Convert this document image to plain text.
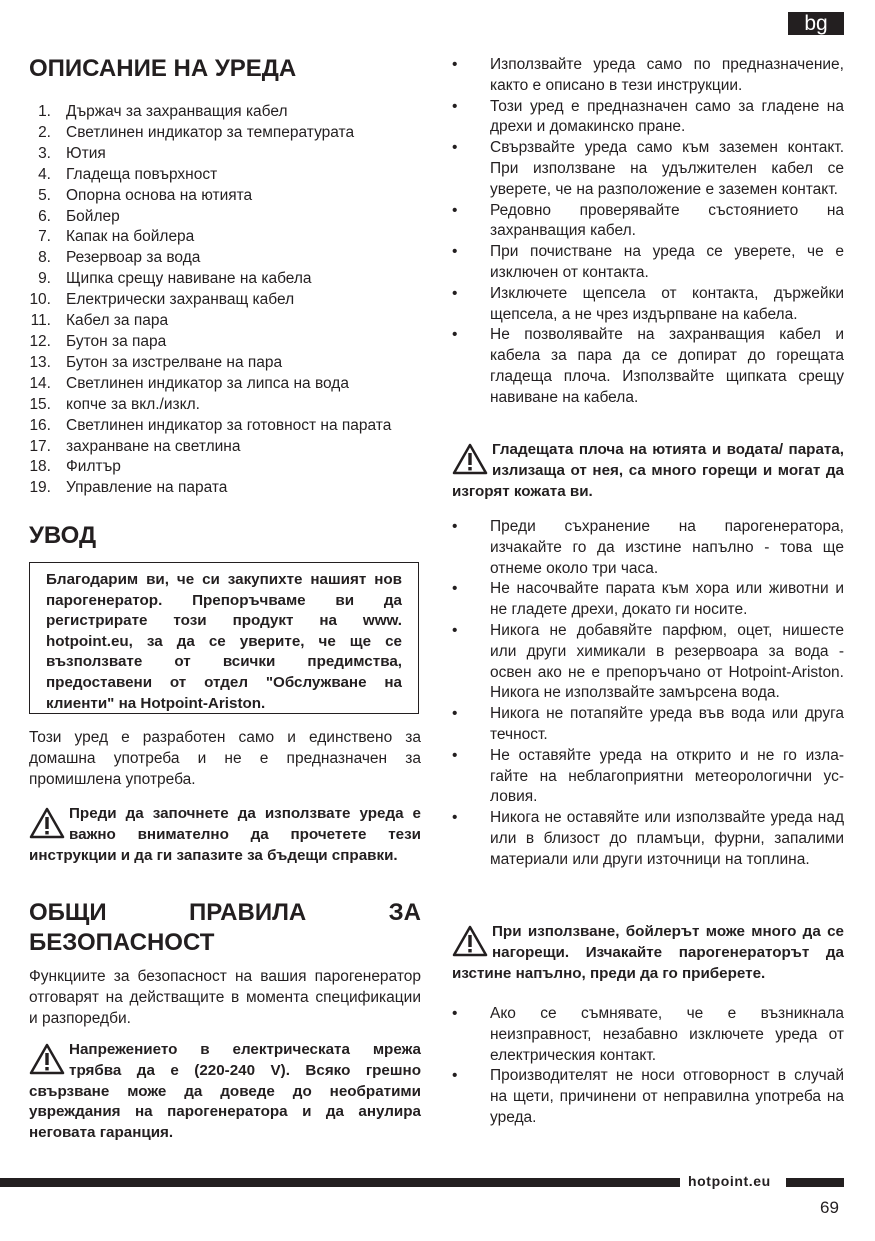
bg
ОПИСАНИЕ НА УРЕДА
1. Държач за захранващия кабел
2. Светлинен индикатор за температурата
3. Ютия
4. Гладеща повърхност
5. Опорна основа на ютията
6. Бойлер
7. Капак на бойлера
8. Резервоар за вода
9. Щипка срещу навиване на кабела
10. Електрически захранващ кабел
11. Кабел за пара
12. Бутон за пара
13. Бутон за изстрелване на пара
14. Светлинен индикатор за липса на вода
15. копче за вкл./изкл.
16. Светлинен индикатор за готовност на парата
17. захранване на светлина
18. Филтър
19. Управление на парата
УВОД
Благодарим ви, че си закупихте нашият нов парогенератор. Препоръчваме ви да регистрирате този продукт на www. hotpoint.eu, за да се уверите, че ще се възползвате от всички предимства, предоставени от отдел "Обслужване на клиенти" на Hotpoint-Ariston.

Този уред е разработен само и единствено за домашна употреба и не е предназначен за промишлена употреба.

Преди да започнете да използвате уреда е важно внимателно да прочетете тези инструкции и да ги запазите за бъдещи справки.
ОБЩИ	ПРАВИЛА	ЗА
БЕЗОПАСНОСТ

Функциите за безопасност на вашия парогенератор отговарят на действащите в момента спецификации и разпоредби.

Напрежението в електрическата мрежа трябва да е (220-240 V). Всяко грешно свързване може да доведе до необратими увреждания на парогенератора и да анулира неговата гаранция.
• Използвайте уреда само по предназначение, както е описано в тези инструкции.
• Този уред е предназначен само за гладене на дрехи и домакинско пране.
• Свързвайте уреда само към заземен контакт. При използване на удължителен кабел се уверете, че на разположение е заземен контакт.
• Редовно проверявайте състоянието на захранващия кабел.
• При почистване на уреда се уверете, че е изключен от контакта.
• Изключете щепсела от контакта, държейки щепсела, а не чрез издърпване на кабела.
• Не позволявайте на захранващия кабел и кабела за пара да се допират до горещата гладеща плоча. Използвайте щипката срещу навиване на кабела.
Гладещата плоча на ютията и водата/ парата, излизаща от нея, са много горещи и могат да изгорят кожата ви.
• Преди съхранение на парогенератора, изчакайте го да изстине напълно - това ще отнеме около три часа.
• Не насочвайте парата към хора или животни и не гладете дрехи, докато ги носите.
• Никога не добавяйте парфюм, оцет, нишесте или други химикали в резервоара за вода - освен ако не е препоръчано от Hotpoint-Ariston. Никога не използвайте замърсена вода.
• Никога не потапяйте уреда във вода или друга течност.
• Не оставяйте уреда на открито и не го изла-гайте на неблагоприятни метеорологични ус-ловия.
• Никога не оставяйте или използвайте уреда над или в близост до пламъци, фурни, запалими материали или други източници на топлина.
При използване, бойлерът може много да се нагорещи. Изчакайте парогенераторът да изстине напълно, преди да го приберете.
• Ако се съмнявате, че е възникнала неизправност, незабавно изключете уреда от електрическия контакт.
• Производителят не носи отговорност в случай на щети, причинени от неправилна употреба на уреда.
hotpoint.eu
69
